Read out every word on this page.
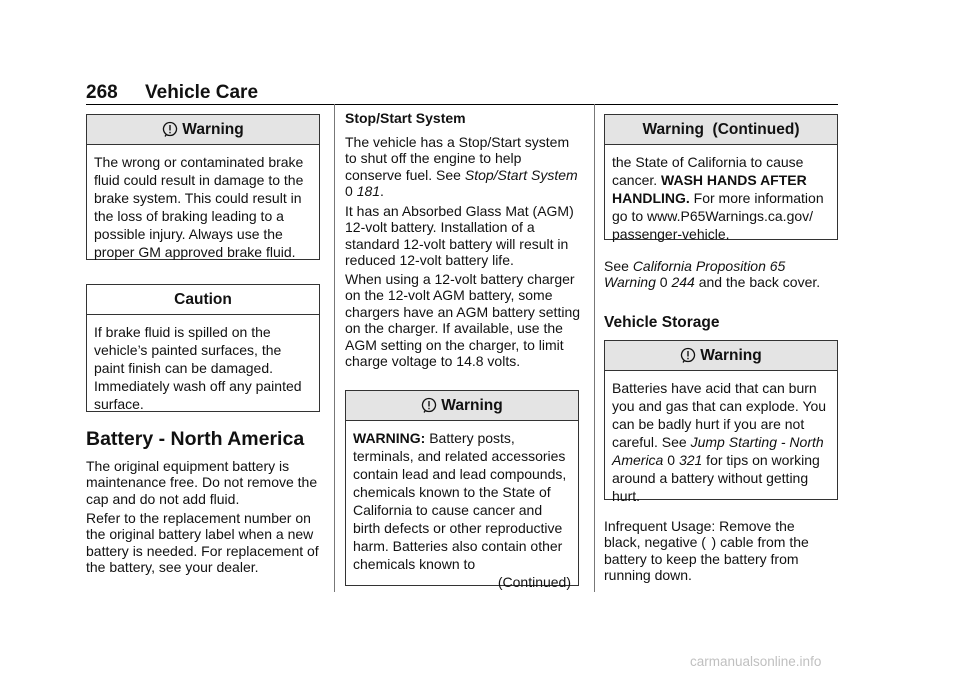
268 Vehicle Care
Warning
The wrong or contaminated brake fluid could result in damage to the brake system. This could result in the loss of braking leading to a possible injury. Always use the proper GM approved brake fluid.
Caution
If brake fluid is spilled on the vehicle’s painted surfaces, the paint finish can be damaged. Immediately wash off any painted surface.
Battery - North America

The original equipment battery is maintenance free. Do not remove the cap and do not add fluid.

Refer to the replacement number on the original battery label when a new battery is needed. For replacement of the battery, see your dealer.

Stop/Start System

The vehicle has a Stop/Start system to shut off the engine to help conserve fuel. See Stop/Start System 0 181.

It has an Absorbed Glass Mat (AGM) 12-volt battery. Installation of a standard 12-volt battery will result in reduced 12-volt battery life.

When using a 12-volt battery charger on the 12-volt AGM battery, some chargers have an AGM battery setting on the charger. If available, use the AGM setting on the charger, to limit charge voltage to 14.8 volts.

Warning
WARNING: Battery posts, terminals, and related accessories contain lead and lead compounds, chemicals known to the State of California to cause cancer and birth defects or other reproductive harm. Batteries also contain other chemicals known to
(Continued)
Warning  (Continued)
the State of California to cause cancer. WASH HANDS AFTER HANDLING. For more information go to www.P65Warnings.ca.gov/ passenger-vehicle.

See California Proposition 65 Warning 0 244 and the back cover.

Vehicle Storage
Warning
Batteries have acid that can burn you and gas that can explode. You can be badly hurt if you are not careful. See Jump Starting - North America 0 321 for tips on working around a battery without getting hurt.

Infrequent Usage: Remove the black, negative (  ) cable from the battery to keep the battery from running down.

carmanualsonline.info
